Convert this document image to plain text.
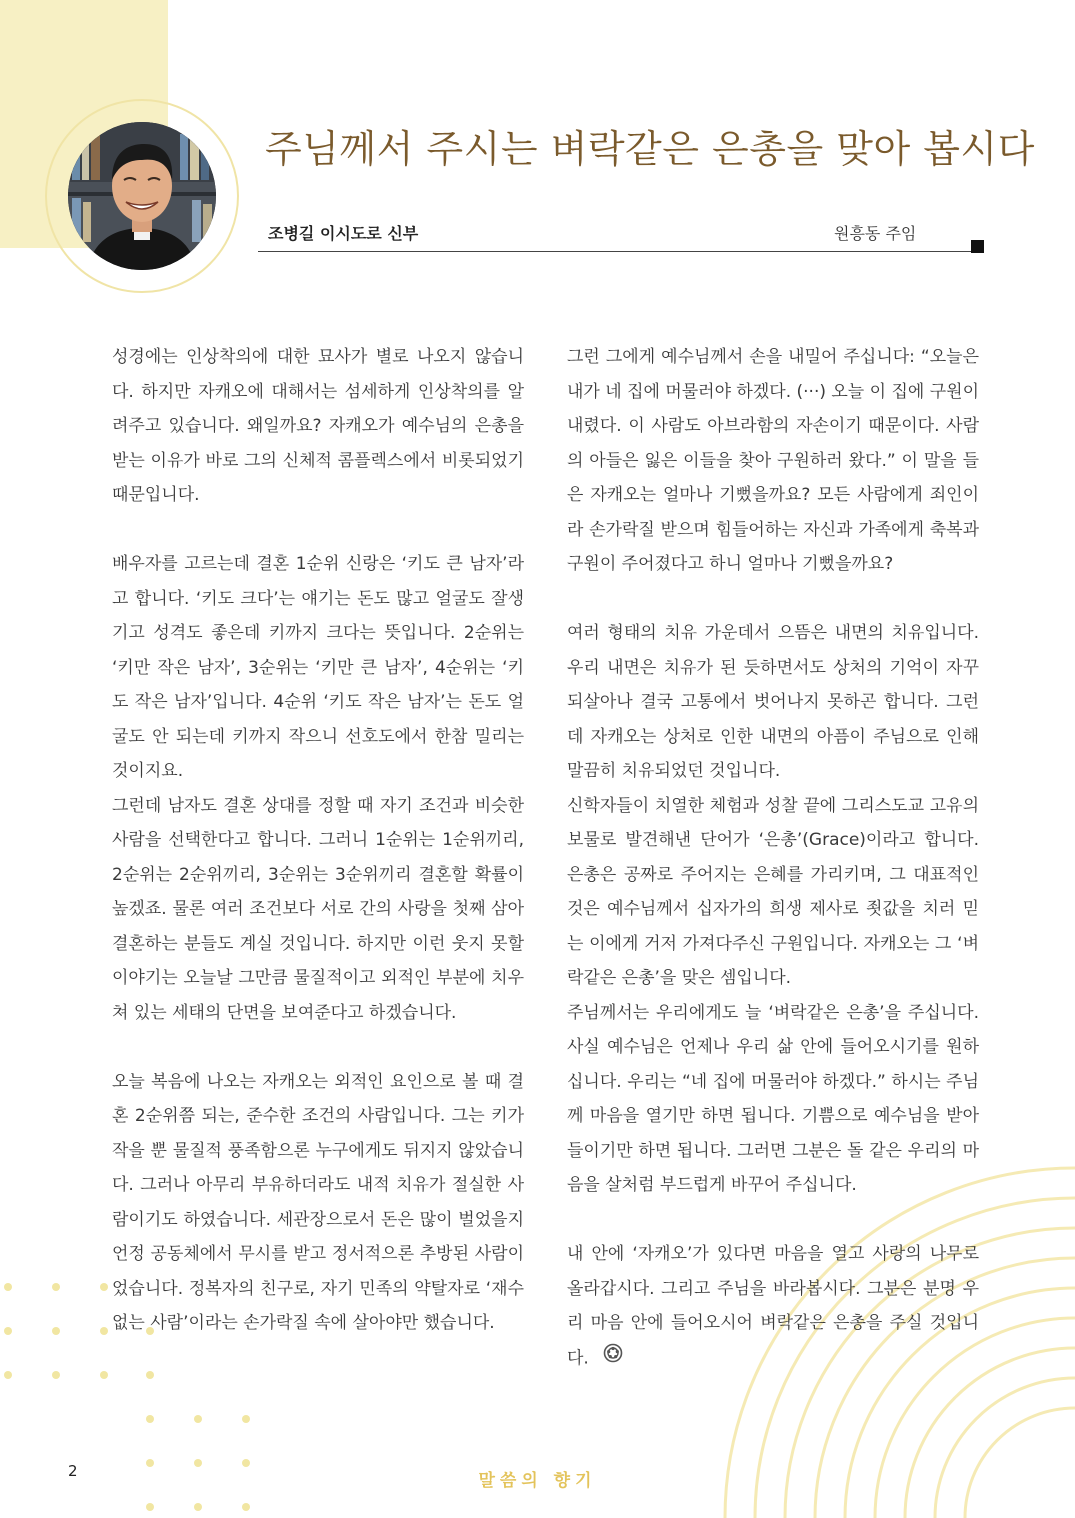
주님께서 주시는 벼락같은 은총을 맞아 봅시다
조병길 이시도로 신부	원흥동 주임

성경에는 인상착의에 대한 묘사가 별로 나오지 않습니다. 하지만 자캐오에 대해서는 섬세하게 인상착의를 알려주고 있습니다. 왜일까요? 자캐오가 예수님의 은총을 받는 이유가 바로 그의 신체적 콤플렉스에서 비롯되었기 때문입니다.

배우자를 고르는데 결혼 1순위 신랑은 ‘키도 큰 남자’라고 합니다. ‘키도 크다’는 얘기는 돈도 많고 얼굴도 잘생기고 성격도 좋은데 키까지 크다는 뜻입니다. 2순위는 ‘키만 작은 남자’, 3순위는 ‘키만 큰 남자’, 4순위는 ‘키도 작은 남자’입니다. 4순위 ‘키도 작은 남자’는 돈도 얼굴도 안 되는데 키까지 작으니 선호도에서 한참 밀리는 것이지요.

그런데 남자도 결혼 상대를 정할 때 자기 조건과 비슷한 사람을 선택한다고 합니다. 그러니 1순위는 1순위끼리, 2순위는 2순위끼리, 3순위는 3순위끼리 결혼할 확률이 높겠죠. 물론 여러 조건보다 서로 간의 사랑을 첫째 삼아 결혼하는 분들도 계실 것입니다. 하지만 이런 웃지 못할 이야기는 오늘날 그만큼 물질적이고 외적인 부분에 치우쳐 있는 세태의 단면을 보여준다고 하겠습니다.

오늘 복음에 나오는 자캐오는 외적인 요인으로 볼 때 결혼 2순위쯤 되는, 준수한 조건의 사람입니다. 그는 키가 작을 뿐 물질적 풍족함으론 누구에게도 뒤지지 않았습니다. 그러나 아무리 부유하더라도 내적 치유가 절실한 사람이기도 하였습니다. 세관장으로서 돈은 많이 벌었을지언정 공동체에서 무시를 받고 정서적으론 추방된 사람이었습니다. 정복자의 친구로, 자기 민족의 약탈자로 ‘재수 없는 사람’이라는 손가락질 속에 살아야만 했습니다.

그런 그에게 예수님께서 손을 내밀어 주십니다: “오늘은 내가 네 집에 머물러야 하겠다. (···) 오늘 이 집에 구원이 내렸다. 이 사람도 아브라함의 자손이기 때문이다. 사람의 아들은 잃은 이들을 찾아 구원하러 왔다.” 이 말을 들은 자캐오는 얼마나 기뻤을까요? 모든 사람에게 죄인이라 손가락질 받으며 힘들어하는 자신과 가족에게 축복과 구원이 주어졌다고 하니 얼마나 기뻤을까요?

여러 형태의 치유 가운데서 으뜸은 내면의 치유입니다. 우리 내면은 치유가 된 듯하면서도 상처의 기억이 자꾸 되살아나 결국 고통에서 벗어나지 못하곤 합니다. 그런데 자캐오는 상처로 인한 내면의 아픔이 주님으로 인해 말끔히 치유되었던 것입니다.

신학자들이 치열한 체험과 성찰 끝에 그리스도교 고유의 보물로 발견해낸 단어가 ‘은총’(Grace)이라고 합니다. 은총은 공짜로 주어지는 은혜를 가리키며, 그 대표적인 것은 예수님께서 십자가의 희생 제사로 죗값을 치러 믿는 이에게 거저 가져다주신 구원입니다. 자캐오는 그 ‘벼락같은 은총’을 맞은 셈입니다.

주님께서는 우리에게도 늘 ‘벼락같은 은총’을 주십니다. 사실 예수님은 언제나 우리 삶 안에 들어오시기를 원하십니다. 우리는 “네 집에 머물러야 하겠다.” 하시는 주님께 마음을 열기만 하면 됩니다. 기쁨으로 예수님을 받아들이기만 하면 됩니다. 그러면 그분은 돌 같은 우리의 마음을 살처럼 부드럽게 바꾸어 주십니다.

내 안에 ‘자캐오’가 있다면 마음을 열고 사랑의 나무로 올라갑시다. 그리고 주님을 바라봅시다. 그분은 분명 우리 마음 안에 들어오시어 벼락같은 은총을 주실 것입니다.

2	말씀의 향기
